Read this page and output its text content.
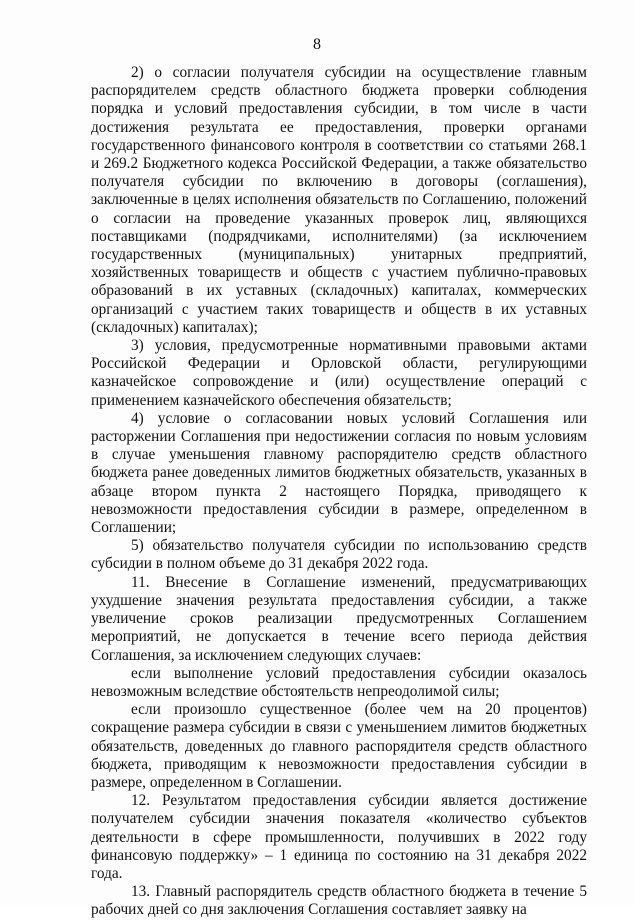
8

2) о согласии получателя субсидии на осуществление главным распорядителем средств областного бюджета проверки соблюдения порядка и условий предоставления субсидии, в том числе в части достижения результата ее предоставления, проверки органами государственного финансового контроля в соответствии со статьями 268.1 и 269.2 Бюджетного кодекса Российской Федерации, а также обязательство получателя субсидии по включению в договоры (соглашения), заключенные в целях исполнения обязательств по Соглашению, положений о согласии на проведение указанных проверок лиц, являющихся поставщиками (подрядчиками, исполнителями) (за исключением государственных (муниципальных) унитарных предприятий, хозяйственных товариществ и обществ с участием публично-правовых образований в их уставных (складочных) капиталах, коммерческих организаций с участием таких товариществ и обществ в их уставных (складочных) капиталах);

3) условия, предусмотренные нормативными правовыми актами Российской Федерации и Орловской области, регулирующими казначейское сопровождение и (или) осуществление операций с применением казначейского обеспечения обязательств;

4) условие о согласовании новых условий Соглашения или расторжении Соглашения при недостижении согласия по новым условиям в случае уменьшения главному распорядителю средств областного бюджета ранее доведенных лимитов бюджетных обязательств, указанных в абзаце втором пункта 2 настоящего Порядка, приводящего к невозможности предоставления субсидии в размере, определенном в Соглашении;

5) обязательство получателя субсидии по использованию средств субсидии в полном объеме до 31 декабря 2022 года.

11. Внесение в Соглашение изменений, предусматривающих ухудшение значения результата предоставления субсидии, а также увеличение сроков реализации предусмотренных Соглашением мероприятий, не допускается в течение всего периода действия Соглашения, за исключением следующих случаев:

если выполнение условий предоставления субсидии оказалось невозможным вследствие обстоятельств непреодолимой силы;

если произошло существенное (более чем на 20 процентов) сокращение размера субсидии в связи с уменьшением лимитов бюджетных обязательств, доведенных до главного распорядителя средств областного бюджета, приводящим к невозможности предоставления субсидии в размере, определенном в Соглашении.

12. Результатом предоставления субсидии является достижение получателем субсидии значения показателя «количество субъектов деятельности в сфере промышленности, получивших в 2022 году финансовую поддержку» – 1 единица по состоянию на 31 декабря 2022 года.

13. Главный распорядитель средств областного бюджета в течение 5 рабочих дней со дня заключения Соглашения составляет заявку на
